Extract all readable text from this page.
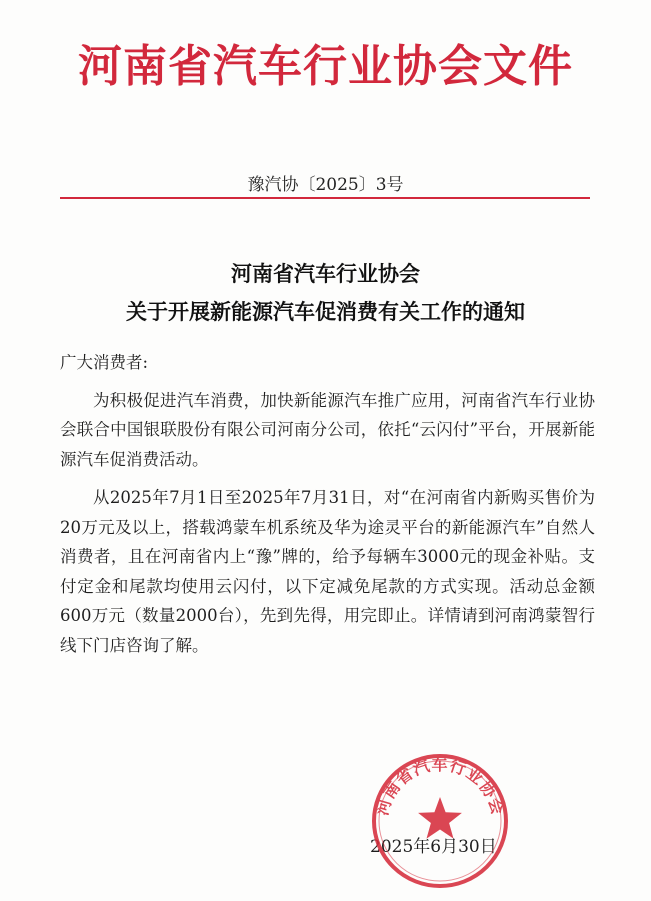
河南省汽车行业协会文件
豫汽协〔2025〕3号
河南省汽车行业协会
关于开展新能源汽车促消费有关工作的通知

广大消费者:

为积极促进汽车消费，加快新能源汽车推广应用，河南省汽车行业协会联合中国银联股份有限公司河南分公司，依托“云闪付”平台，开展新能源汽车促消费活动。

从2025年7月1日至2025年7月31日，对“在河南省内新购买售价为20万元及以上，搭载鸿蒙车机系统及华为途灵平台的新能源汽车”自然人消费者，且在河南省内上“豫”牌的，给予每辆车3000元的现金补贴。支付定金和尾款均使用云闪付，以下定减免尾款的方式实现。活动总金额600万元（数量2000台），先到先得，用完即止。详情请到河南鸿蒙智行线下门店咨询了解。

2025年6月30日
河南省汽车行业协会
